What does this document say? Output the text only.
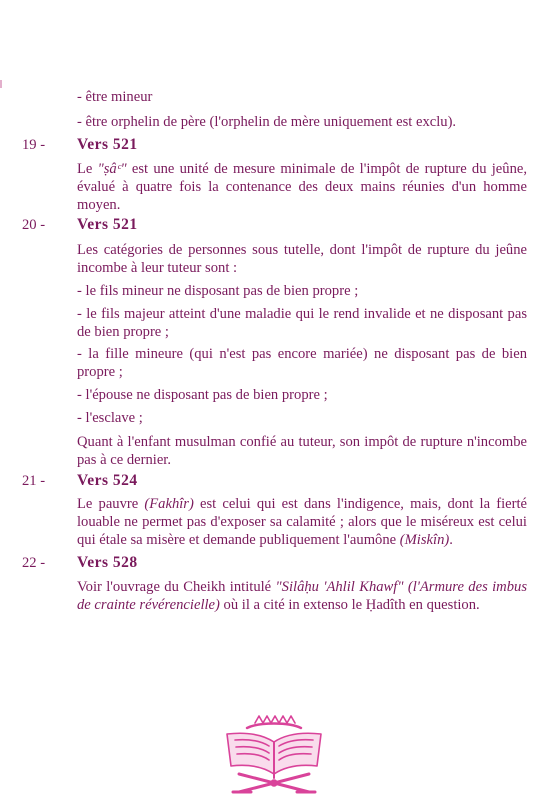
- être mineur

- être orphelin de père (l'orphelin de mère uniquement est exclu).

19 - Vers 521

Le "ṣâᶜ" est une unité de mesure minimale de l'impôt de rupture du jeûne, évalué à quatre fois la contenance des deux mains réunies d'un homme moyen.

20 - Vers 521

Les catégories de personnes sous tutelle, dont l'impôt de rupture du jeûne incombe à leur tuteur sont :

- le fils mineur ne disposant pas de bien propre ;

- le fils majeur atteint d'une maladie qui le rend invalide et ne disposant pas de bien propre ;

- la fille mineure (qui n'est pas encore mariée) ne disposant pas de bien propre ;

- l'épouse ne disposant pas de bien propre ;

- l'esclave ;

Quant à l'enfant musulman confié au tuteur, son impôt de rupture n'incombe pas à ce dernier.

21 - Vers 524

Le pauvre (Fakhîr) est celui qui est dans l'indigence, mais, dont la fierté louable ne permet pas d'exposer sa calamité ; alors que le miséreux est celui qui étale sa misère et demande publiquement l'aumône (Miskîn).

22 - Vers 528

Voir l'ouvrage du Cheikh intitulé "Silâḥu 'Ahlil Khawf" (l'Armure des imbus de crainte révérencielle) où il a cité in extenso le Ḥadîth en question.
